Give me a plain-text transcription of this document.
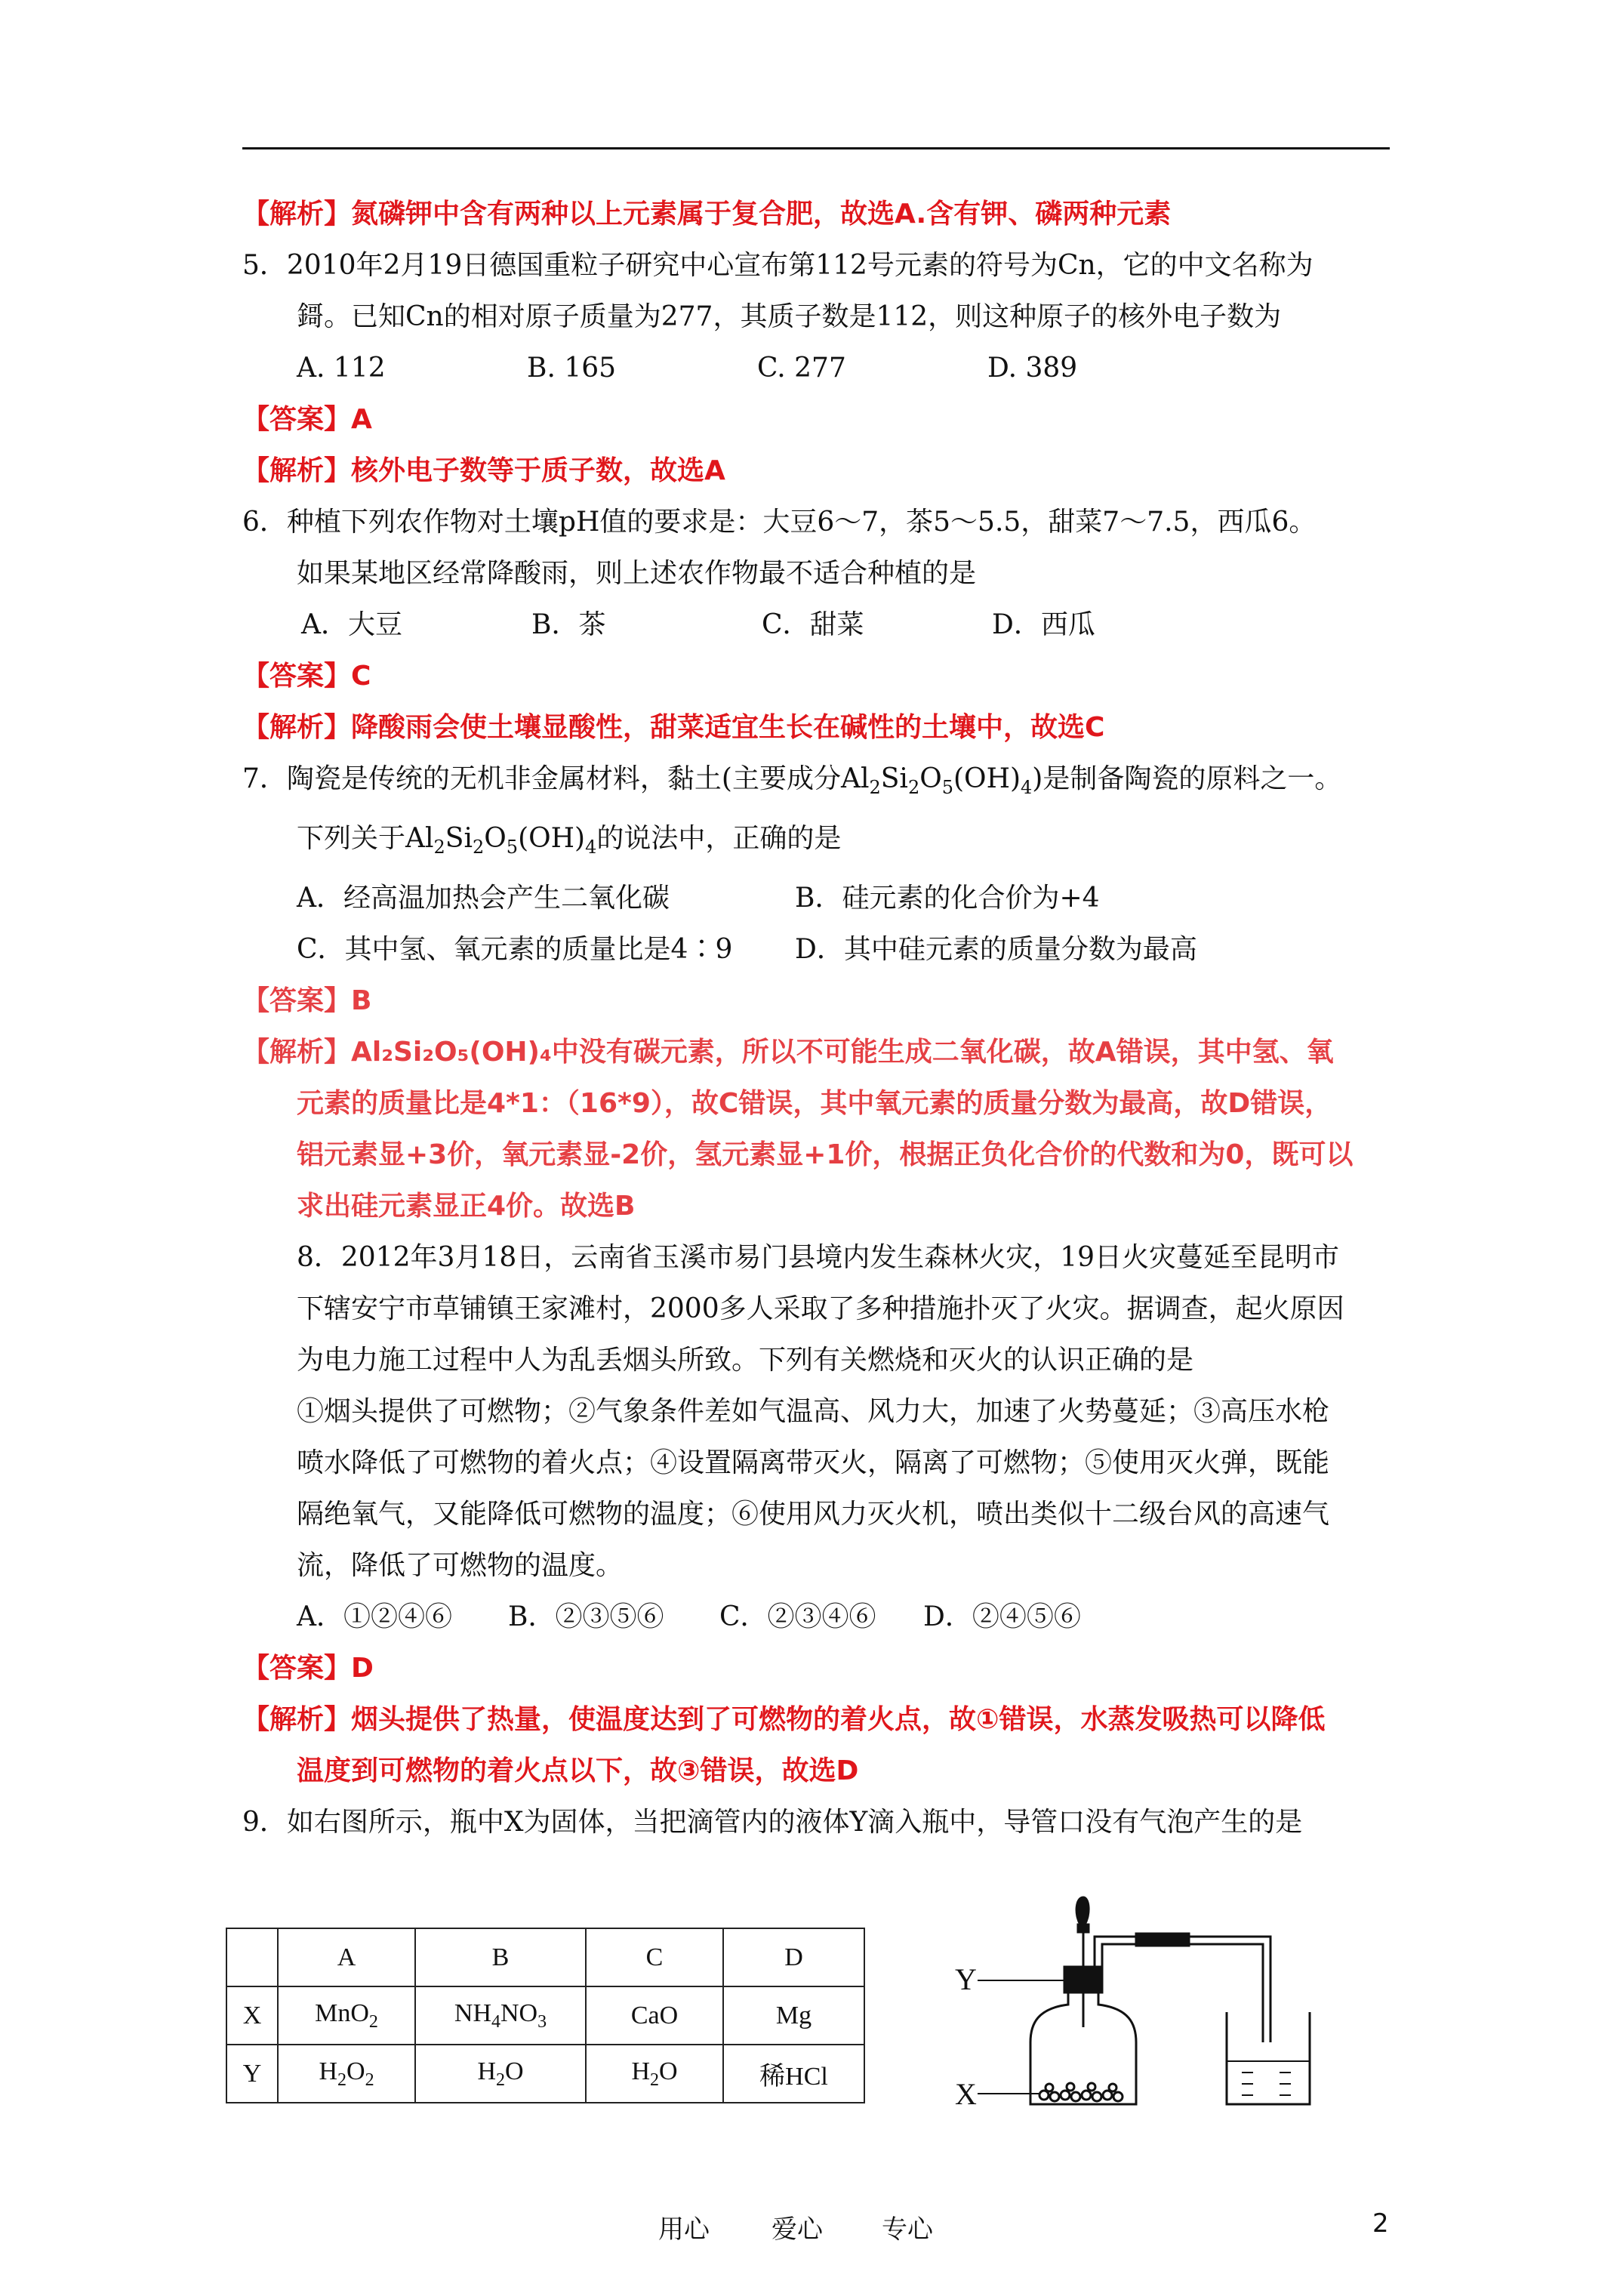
【解析】氮磷钾中含有两种以上元素属于复合肥，故选A.含有钾、磷两种元素
5．2010年2月19日德国重粒子研究中心宣布第112号元素的符号为Cn，它的中文名称为
鎶。已知Cn的相对原子质量为277，其质子数是112，则这种原子的核外电子数为
A. 112	B. 165	C. 277	D. 389
【答案】A
【解析】核外电子数等于质子数，故选A
6．种植下列农作物对土壤pH值的要求是：大豆6～7，茶5～5.5，甜菜7～7.5，西瓜6。
如果某地区经常降酸雨，则上述农作物最不适合种植的是
A．大豆	B．茶	C．甜菜	D．西瓜
【答案】C
【解析】降酸雨会使土壤显酸性，甜菜适宜生长在碱性的土壤中，故选C
7．陶瓷是传统的无机非金属材料，黏土(主要成分$Al_2Si_2O_5(OH)_4$)是制备陶瓷的原料之一。
下列关于$Al_2Si_2O_5(OH)_4$的说法中，正确的是
A．经高温加热会产生二氧化碳	B．硅元素的化合价为+4
C．其中氢、氧元素的质量比是4∶9	D．其中硅元素的质量分数为最高
【答案】B
【解析】Al₂Si₂O₅(OH)₄中没有碳元素，所以不可能生成二氧化碳，故A错误，其中氢、氧
元素的质量比是4*1：（16*9），故C错误，其中氧元素的质量分数为最高，故D错误，
铝元素显+3价，氧元素显-2价，氢元素显+1价，根据正负化合价的代数和为0，既可以
求出硅元素显正4价。故选B
8．2012年3月18日，云南省玉溪市易门县境内发生森林火灾，19日火灾蔓延至昆明市
下辖安宁市草铺镇王家滩村，2000多人采取了多种措施扑灭了火灾。据调查，起火原因
为电力施工过程中人为乱丢烟头所致。下列有关燃烧和灭火的认识正确的是
①烟头提供了可燃物；②气象条件差如气温高、风力大，加速了火势蔓延；③高压水枪
喷水降低了可燃物的着火点；④设置隔离带灭火，隔离了可燃物；⑤使用灭火弹，既能
隔绝氧气，又能降低可燃物的温度；⑥使用风力灭火机，喷出类似十二级台风的高速气
流，降低了可燃物的温度。
A．①②④⑥	B．②③⑤⑥	C．②③④⑥	D．②④⑤⑥
【答案】D
【解析】烟头提供了热量，使温度达到了可燃物的着火点，故①错误，水蒸发吸热可以降低
温度到可燃物的着火点以下，故③错误，故选D
9．如右图所示，瓶中X为固体，当把滴管内的液体Y滴入瓶中，导管口没有气泡产生的是
	A	B	C	D
X	MnO$_2$	$NH_4NO_3$	CaO	Mg
Y	$H_2O_2$	$H_2O$	$H_2O$	稀HCl
Y
X
用心 爱心 专心	2
